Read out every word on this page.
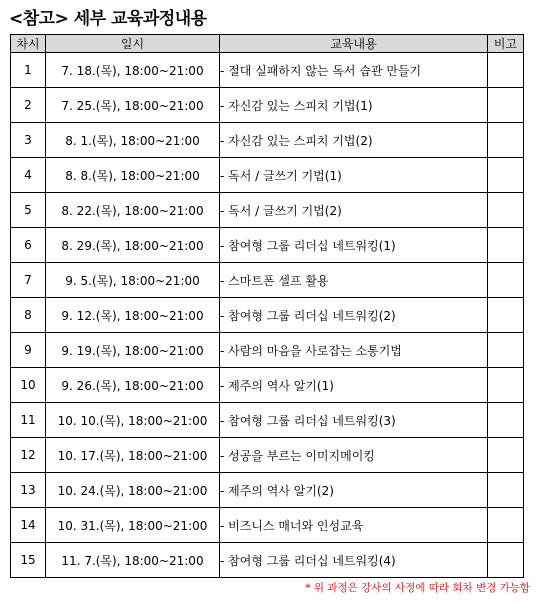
<참고> 세부 교육과정내용
차시	일시	교육내용	비고
1	7. 18.(목), 18:00~21:00	- 절대 실패하지 않는 독서 습관 만들기	
2	7. 25.(목), 18:00~21:00	- 자신감 있는 스피치 기법(1)	
3	8. 1.(목), 18:00~21:00	- 자신감 있는 스피치 기법(2)	
4	8. 8.(목), 18:00~21:00	- 독서 / 글쓰기 기법(1)	
5	8. 22.(목), 18:00~21:00	- 독서 / 글쓰기 기법(2)	
6	8. 29.(목), 18:00~21:00	- 참여형 그룹 리더십 네트워킹(1)	
7	9. 5.(목), 18:00~21:00	- 스마트폰 셀프 활용	
8	9. 12.(목), 18:00~21:00	- 참여형 그룹 리더십 네트워킹(2)	
9	9. 19.(목), 18:00~21:00	- 사람의 마음을 사로잡는 소통기법	
10	9. 26.(목), 18:00~21:00	- 제주의 역사 알기(1)	
11	10. 10.(목), 18:00~21:00	- 참여형 그룹 리더십 네트워킹(3)	
12	10. 17.(목), 18:00~21:00	- 성공을 부르는 이미지메이킹	
13	10. 24.(목), 18:00~21:00	- 제주의 역사 알기(2)	
14	10. 31.(목), 18:00~21:00	- 비즈니스 매너와 인성교육	
15	11. 7.(목), 18:00~21:00	- 참여형 그룹 리더십 네트워킹(4)	
* 위 과정은 강사의 사정에 따라 회차 변경 가능함
